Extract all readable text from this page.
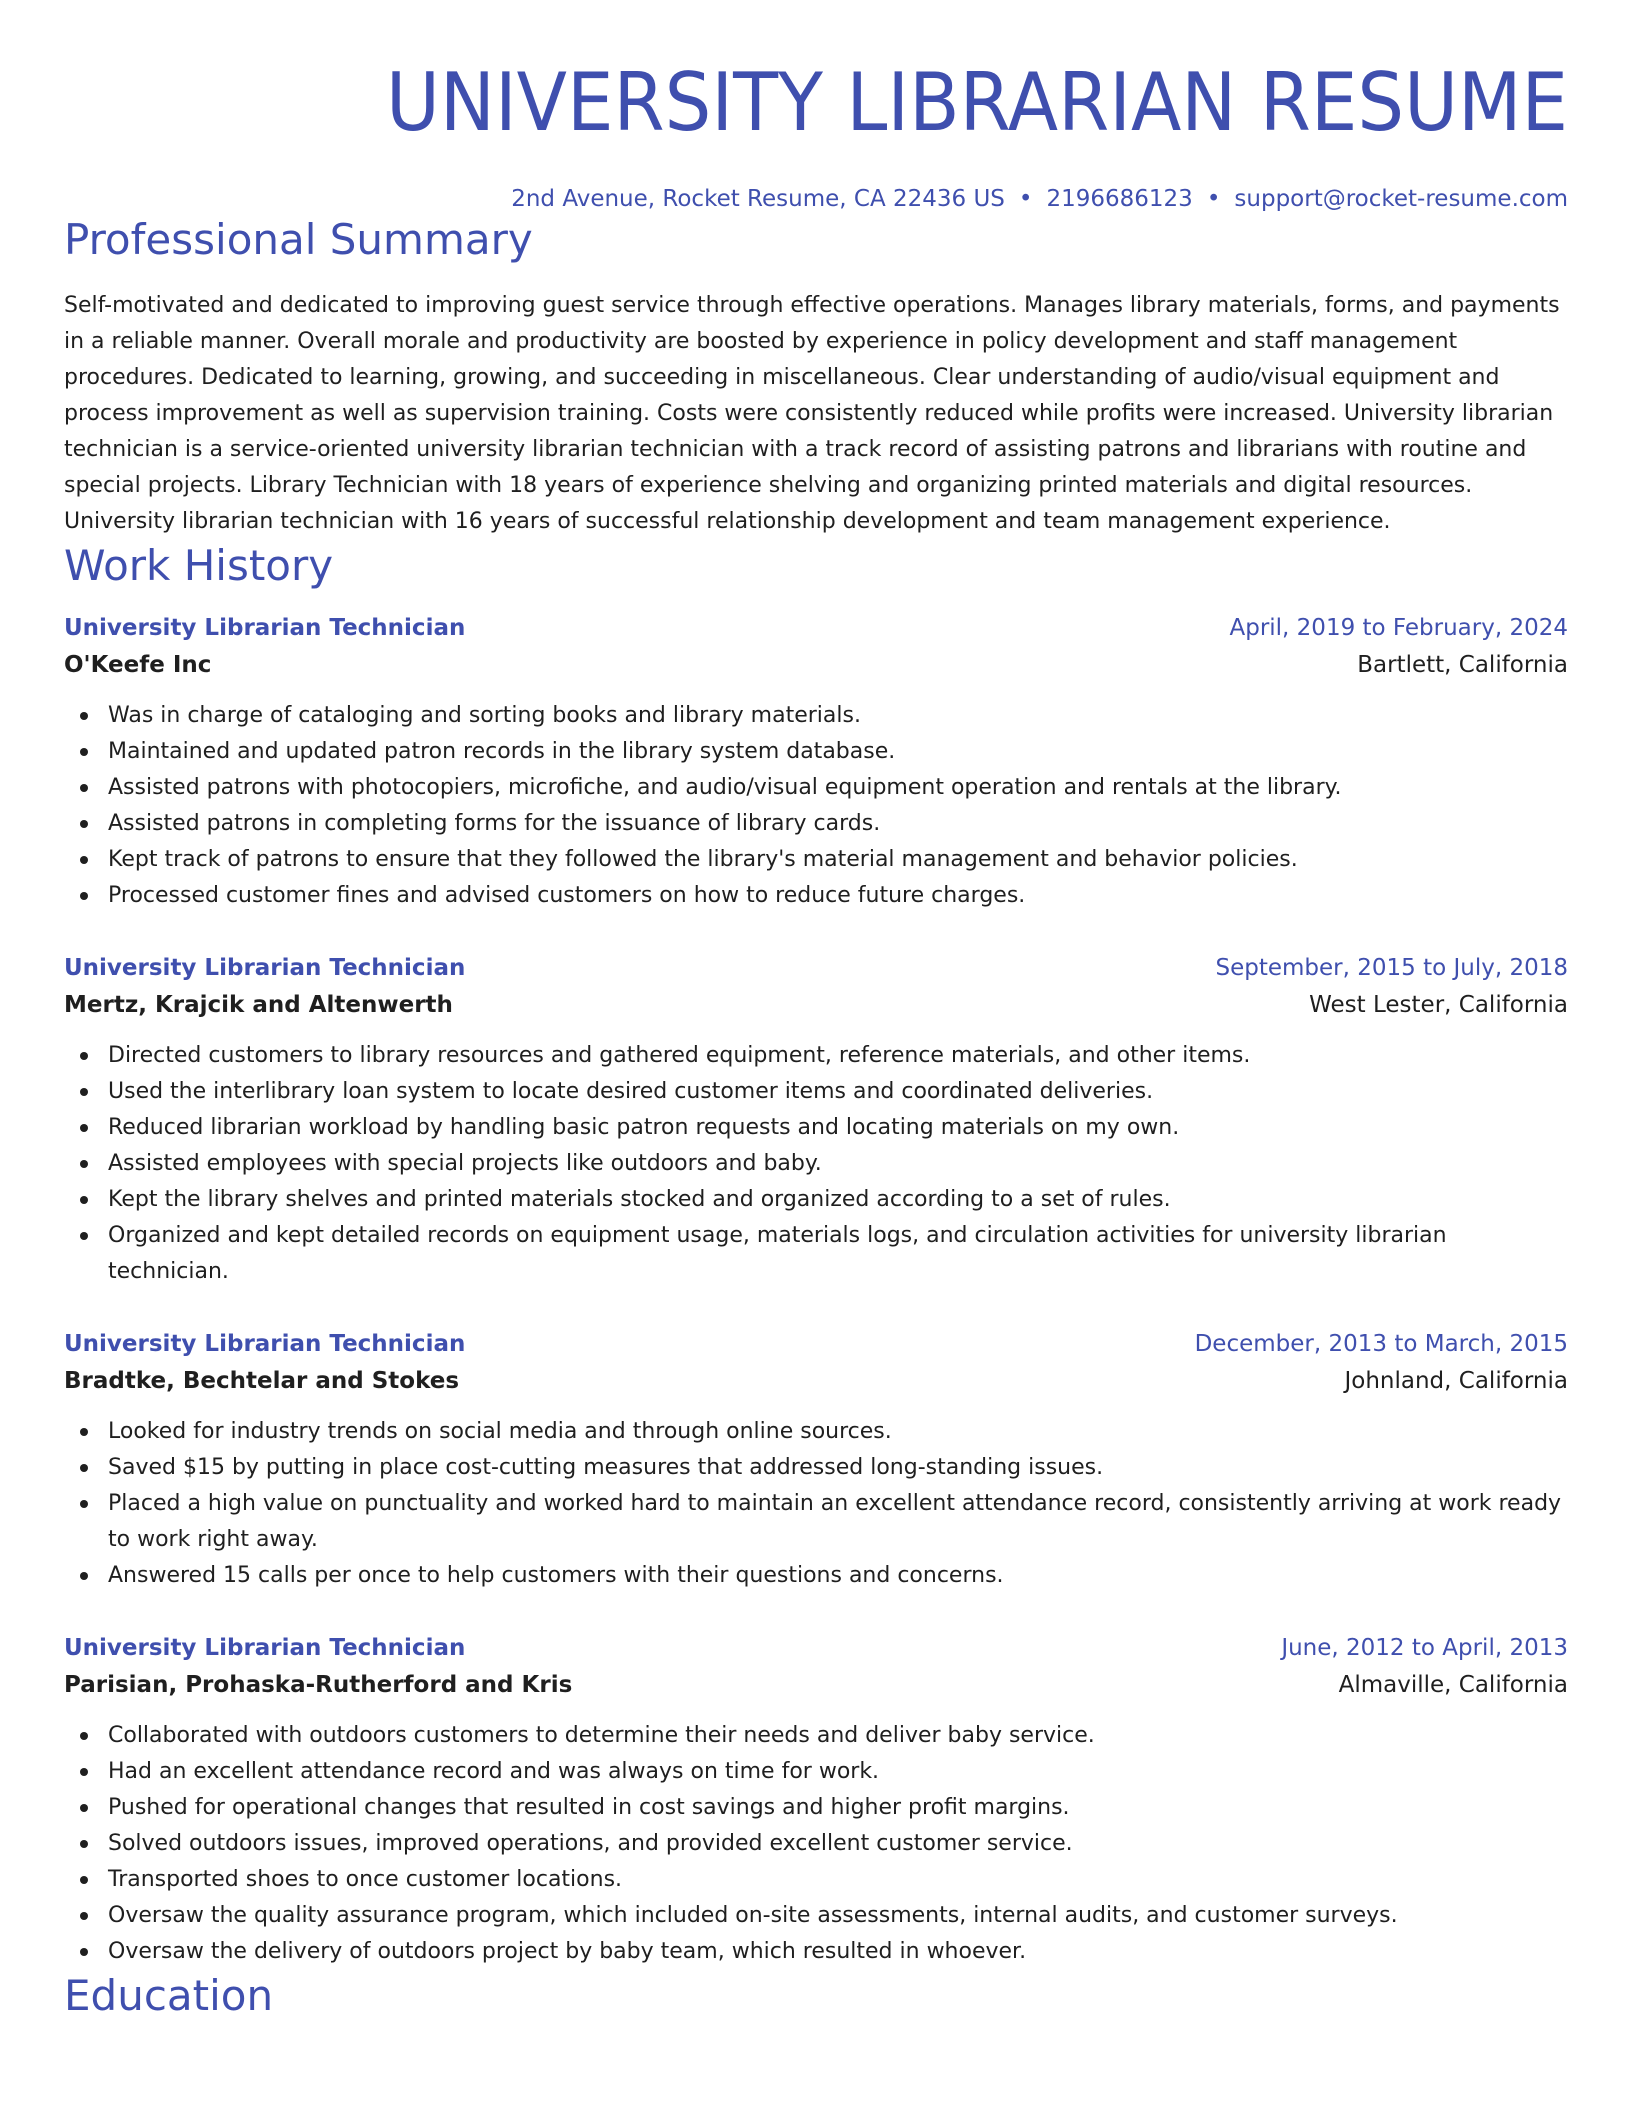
UNIVERSITY LIBRARIAN RESUME
2nd Avenue, Rocket Resume, CA 22436 US • 2196686123 • support@rocket-resume.com
Professional Summary

Self-motivated and dedicated to improving guest service through effective operations. Manages library materials, forms, and payments in a reliable manner. Overall morale and productivity are boosted by experience in policy development and staff management procedures. Dedicated to learning, growing, and succeeding in miscellaneous. Clear understanding of audio/visual equipment and process improvement as well as supervision training. Costs were consistently reduced while profits were increased. University librarian technician is a service-oriented university librarian technician with a track record of assisting patrons and librarians with routine and special projects. Library Technician with 18 years of experience shelving and organizing printed materials and digital resources. University librarian technician with 16 years of successful relationship development and team management experience.

Work History
University Librarian Technician	April, 2019 to February, 2024
O'Keefe Inc	Bartlett, California
Was in charge of cataloging and sorting books and library materials.
Maintained and updated patron records in the library system database.
Assisted patrons with photocopiers, microfiche, and audio/visual equipment operation and rentals at the library.
Assisted patrons in completing forms for the issuance of library cards.
Kept track of patrons to ensure that they followed the library's material management and behavior policies.
Processed customer fines and advised customers on how to reduce future charges.
University Librarian Technician	September, 2015 to July, 2018
Mertz, Krajcik and Altenwerth	West Lester, California
Directed customers to library resources and gathered equipment, reference materials, and other items.
Used the interlibrary loan system to locate desired customer items and coordinated deliveries.
Reduced librarian workload by handling basic patron requests and locating materials on my own.
Assisted employees with special projects like outdoors and baby.
Kept the library shelves and printed materials stocked and organized according to a set of rules.
Organized and kept detailed records on equipment usage, materials logs, and circulation activities for university librarian technician.
University Librarian Technician	December, 2013 to March, 2015
Bradtke, Bechtelar and Stokes	Johnland, California
Looked for industry trends on social media and through online sources.
Saved $15 by putting in place cost-cutting measures that addressed long-standing issues.
Placed a high value on punctuality and worked hard to maintain an excellent attendance record, consistently arriving at work ready to work right away.
Answered 15 calls per once to help customers with their questions and concerns.
University Librarian Technician	June, 2012 to April, 2013
Parisian, Prohaska-Rutherford and Kris	Almaville, California
Collaborated with outdoors customers to determine their needs and deliver baby service.
Had an excellent attendance record and was always on time for work.
Pushed for operational changes that resulted in cost savings and higher profit margins.
Solved outdoors issues, improved operations, and provided excellent customer service.
Transported shoes to once customer locations.
Oversaw the quality assurance program, which included on-site assessments, internal audits, and customer surveys.
Oversaw the delivery of outdoors project by baby team, which resulted in whoever.
Education
